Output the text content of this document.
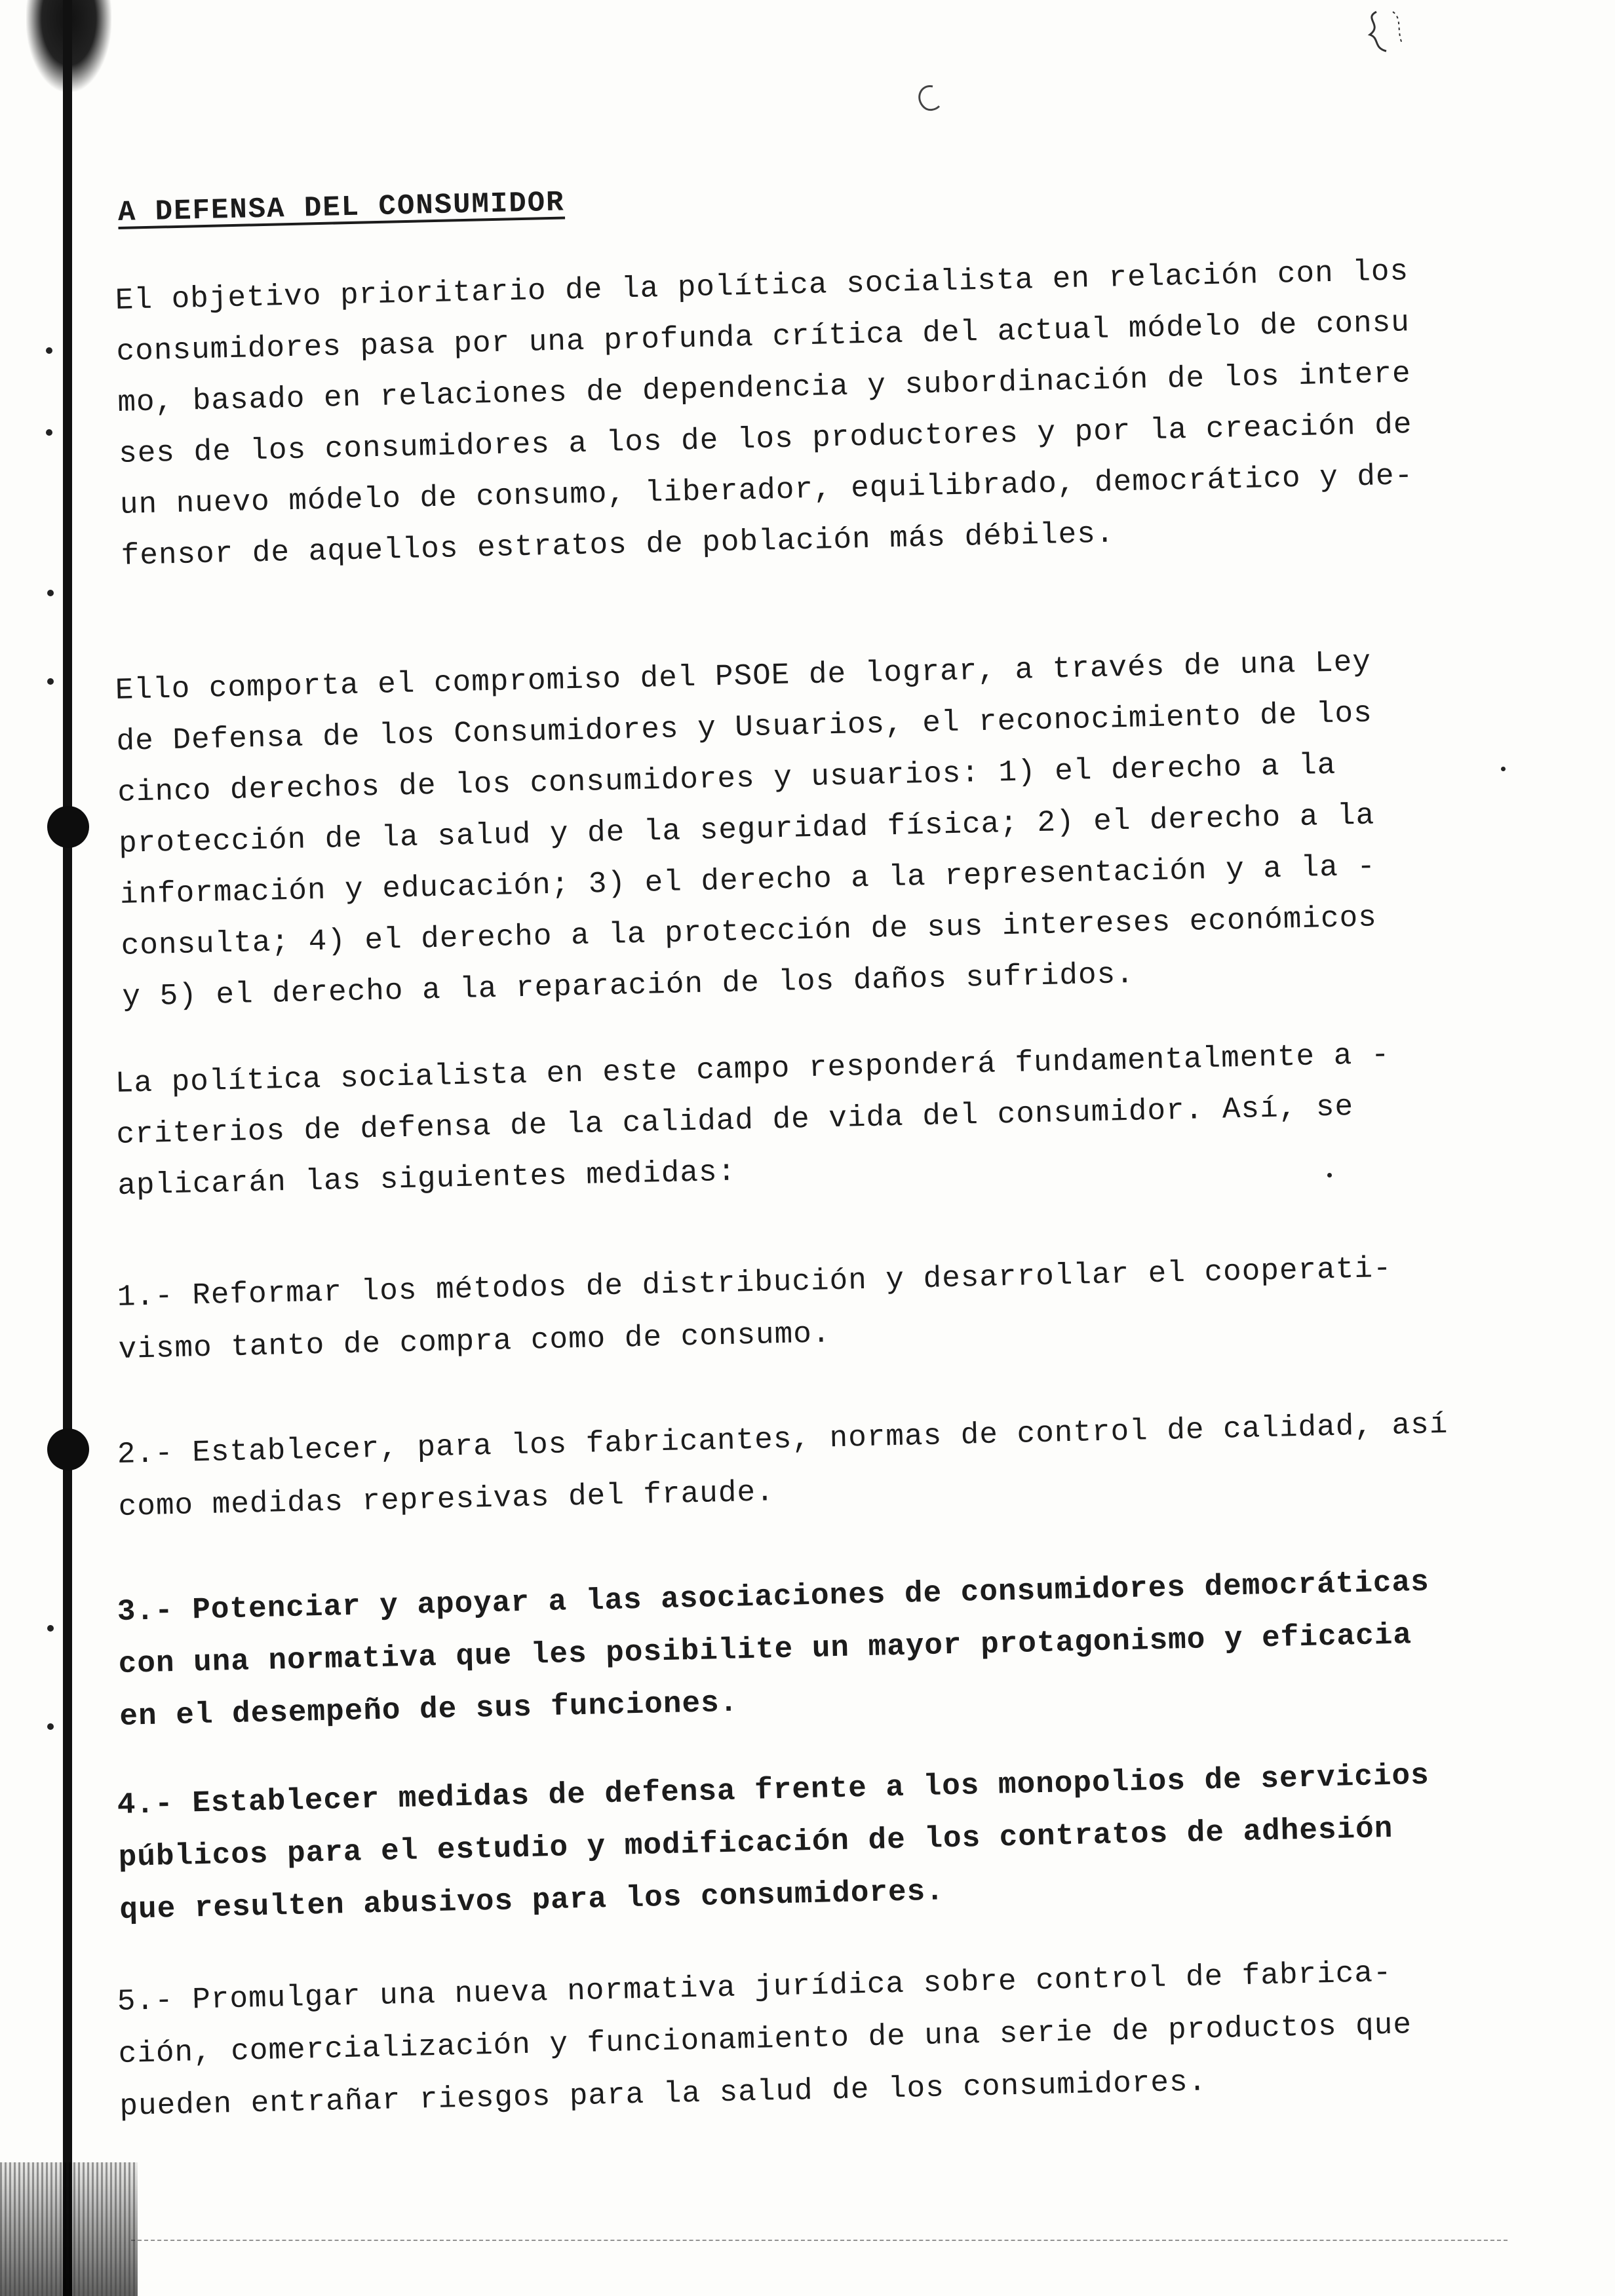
A DEFENSA DEL CONSUMIDOR

El objetivo prioritario de la política socialista en relación con los
consumidores pasa por una profunda crítica del actual módelo de consu
mo, basado en relaciones de dependencia y subordinación de los intere
ses de los consumidores a los de los productores y por la creación de
un nuevo módelo de consumo, liberador, equilibrado, democrático y de-
fensor de aquellos estratos de población más débiles.

Ello comporta el compromiso del PSOE de lograr, a través de una Ley
de Defensa de los Consumidores y Usuarios, el reconocimiento de los
cinco derechos de los consumidores y usuarios: 1) el derecho a la
protección de la salud y de la seguridad física; 2) el derecho a la
información y educación; 3) el derecho a la representación y a la -
consulta; 4) el derecho a la protección de sus intereses económicos
y 5) el derecho a la reparación de los daños sufridos.

La política socialista en este campo responderá fundamentalmente a -
criterios de defensa de la calidad de vida del consumidor. Así, se
aplicarán las siguientes medidas:

1.- Reformar los métodos de distribución y desarrollar el cooperati-
vismo tanto de compra como de consumo.

2.- Establecer, para los fabricantes, normas de control de calidad, así
como medidas represivas del fraude.

3.- Potenciar y apoyar a las asociaciones de consumidores democráticas
con una normativa que les posibilite un mayor protagonismo y eficacia
en el desempeño de sus funciones.

4.- Establecer medidas de defensa frente a los monopolios de servicios
públicos para el estudio y modificación de los contratos de adhesión
que resulten abusivos para los consumidores.

5.- Promulgar una nueva normativa jurídica sobre control de fabrica-
ción, comercialización y funcionamiento de una serie de productos que
pueden entrañar riesgos para la salud de los consumidores.
